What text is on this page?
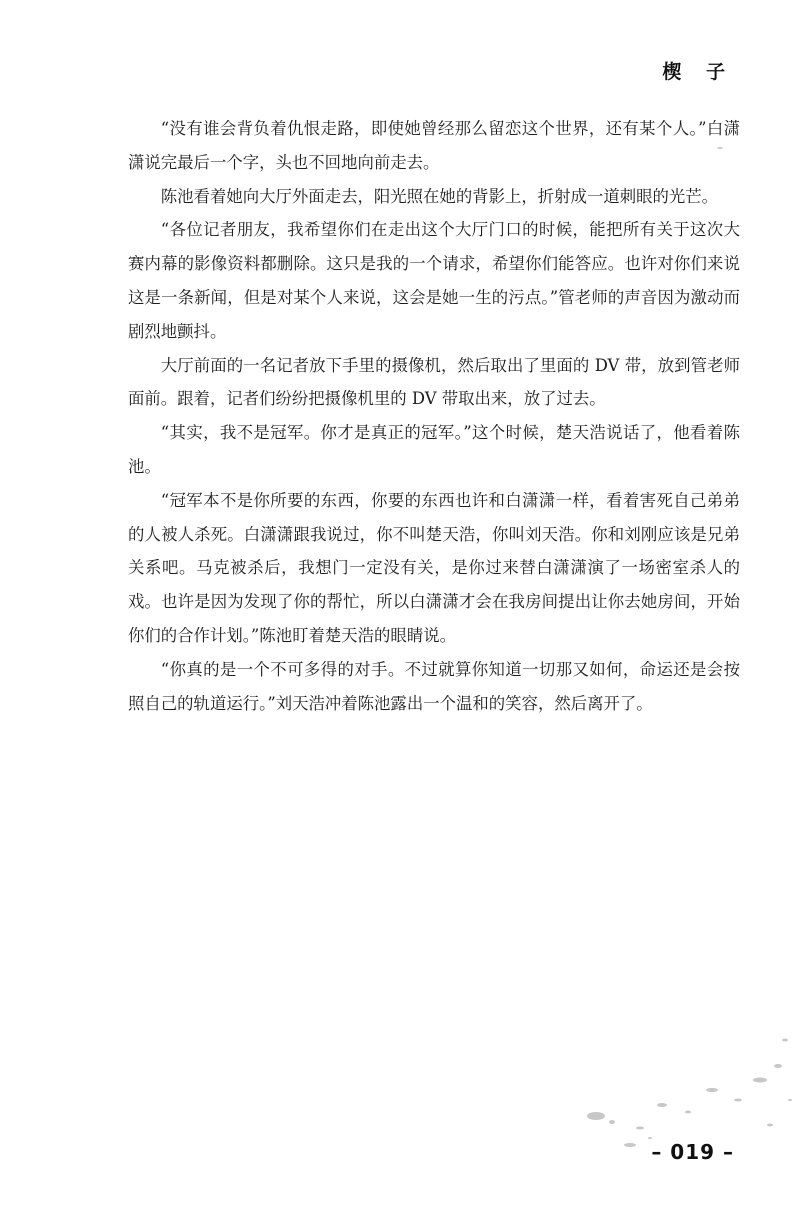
楔 子

“没有谁会背负着仇恨走路，即使她曾经那么留恋这个世界，还有某个人。”白潇潇说完最后一个字，头也不回地向前走去。

陈池看着她向大厅外面走去，阳光照在她的背影上，折射成一道刺眼的光芒。

“各位记者朋友，我希望你们在走出这个大厅门口的时候，能把所有关于这次大赛内幕的影像资料都删除。这只是我的一个请求，希望你们能答应。也许对你们来说这是一条新闻，但是对某个人来说，这会是她一生的污点。”管老师的声音因为激动而剧烈地颤抖。

大厅前面的一名记者放下手里的摄像机，然后取出了里面的 DV 带，放到管老师面前。跟着，记者们纷纷把摄像机里的 DV 带取出来，放了过去。

“其实，我不是冠军。你才是真正的冠军。”这个时候，楚天浩说话了，他看着陈池。

“冠军本不是你所要的东西，你要的东西也许和白潇潇一样，看着害死自己弟弟的人被人杀死。白潇潇跟我说过，你不叫楚天浩，你叫刘天浩。你和刘刚应该是兄弟关系吧。马克被杀后，我想门一定没有关，是你过来替白潇潇演了一场密室杀人的戏。也许是因为发现了你的帮忙，所以白潇潇才会在我房间提出让你去她房间，开始你们的合作计划。”陈池盯着楚天浩的眼睛说。

“你真的是一个不可多得的对手。不过就算你知道一切那又如何，命运还是会按照自己的轨道运行。”刘天浩冲着陈池露出一个温和的笑容，然后离开了。

– 019 –
